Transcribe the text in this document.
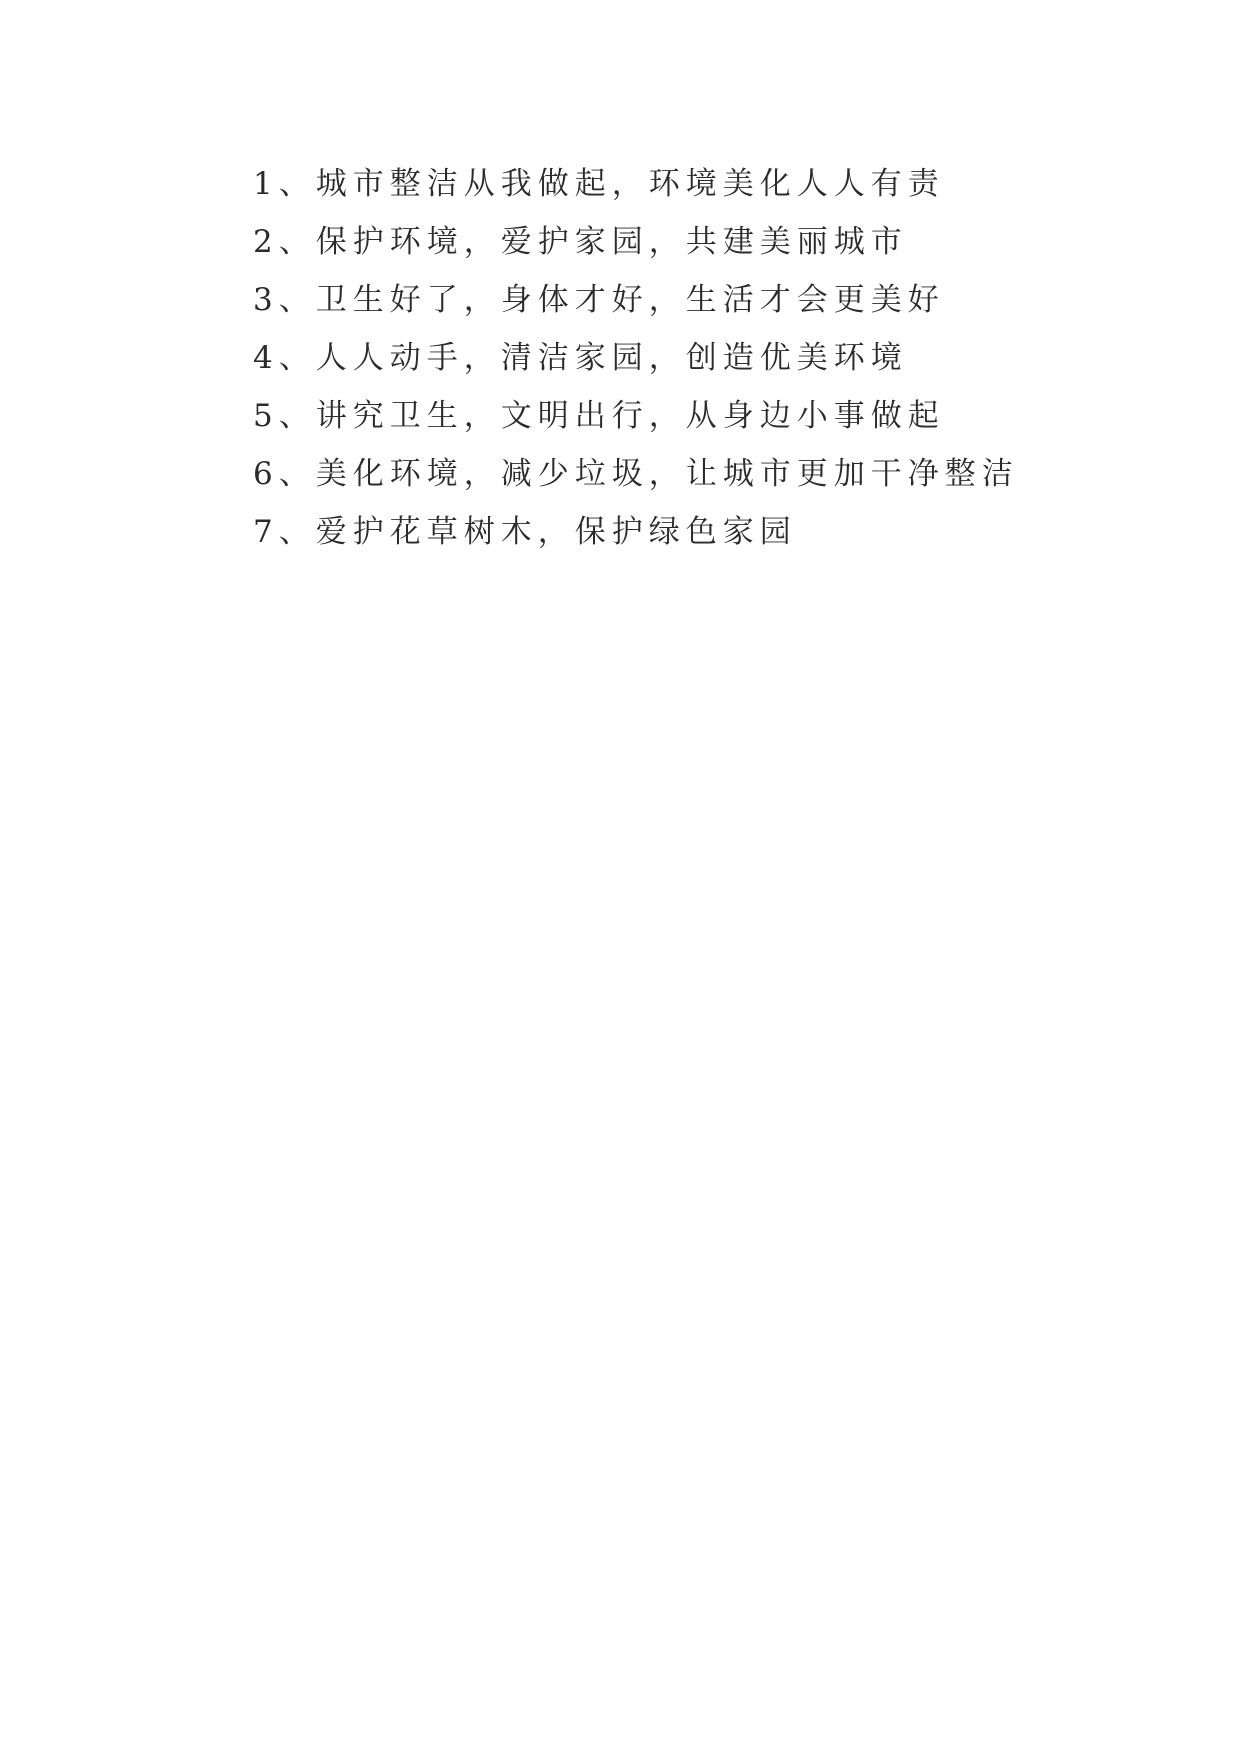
1、城市整洁从我做起，环境美化人人有责

2、保护环境，爱护家园，共建美丽城市

3、卫生好了，身体才好，生活才会更美好

4、人人动手，清洁家园，创造优美环境

5、讲究卫生，文明出行，从身边小事做起

6、美化环境，减少垃圾，让城市更加干净整洁

7、爱护花草树木，保护绿色家园
